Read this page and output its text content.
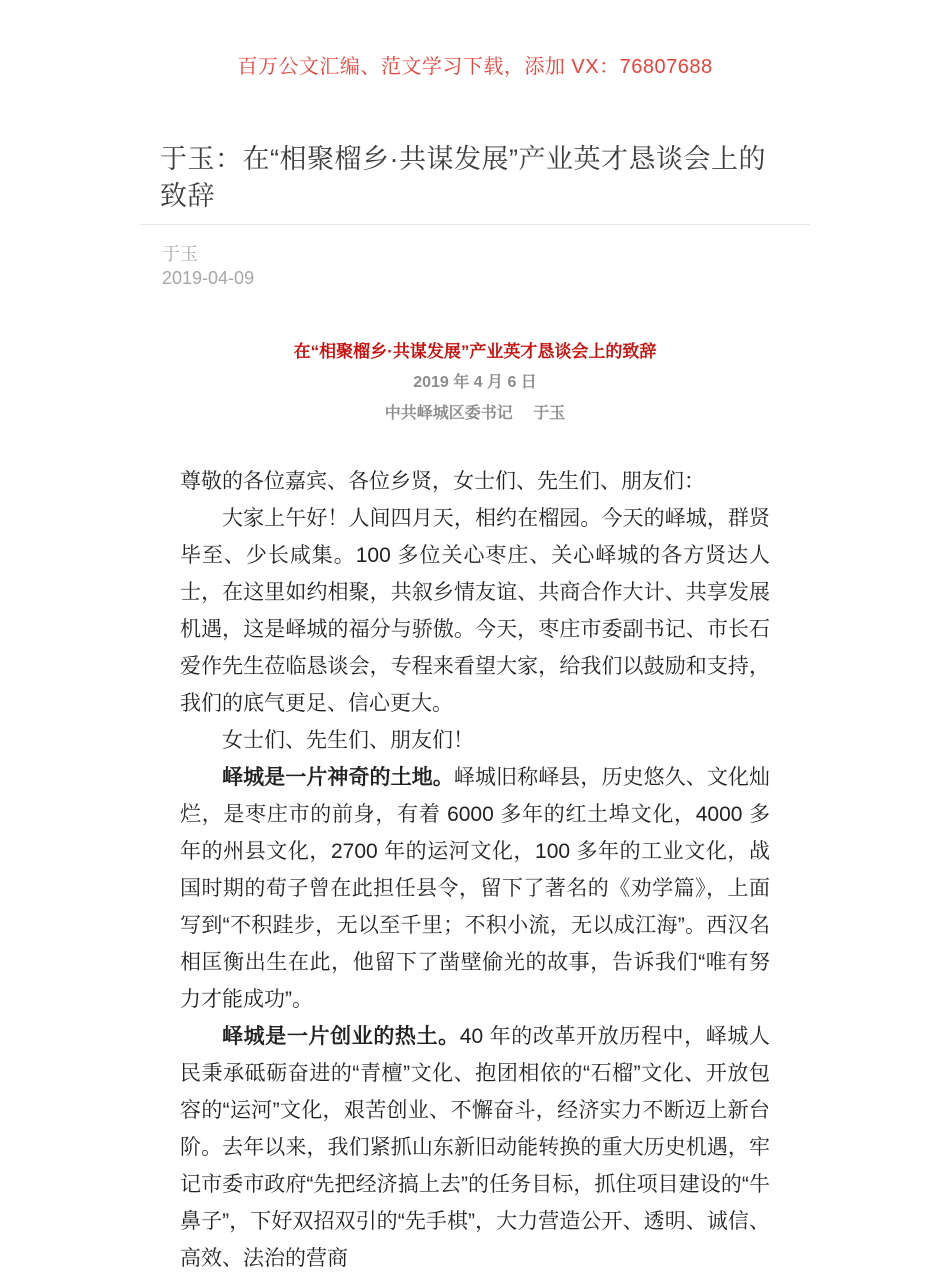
百万公文汇编、范文学习下载，添加 VX：76807688
于玉：在“相聚榴乡·共谋发展”产业英才恳谈会上的致辞
于玉
2019-04-09
在“相聚榴乡·共谋发展”产业英才恳谈会上的致辞
2019 年 4 月 6 日
中共峄城区委书记　 于玉

尊敬的各位嘉宾、各位乡贤，女士们、先生们、朋友们：

大家上午好！人间四月天，相约在榴园。今天的峄城，群贤毕至、少长咸集。100 多位关心枣庄、关心峄城的各方贤达人士，在这里如约相聚，共叙乡情友谊、共商合作大计、共享发展机遇，这是峄城的福分与骄傲。今天，枣庄市委副书记、市长石爱作先生莅临恳谈会，专程来看望大家，给我们以鼓励和支持，我们的底气更足、信心更大。

女士们、先生们、朋友们！

峄城是一片神奇的土地。峄城旧称峄县，历史悠久、文化灿烂，是枣庄市的前身，有着 6000 多年的红土埠文化，4000 多年的州县文化，2700 年的运河文化，100 多年的工业文化，战国时期的荀子曾在此担任县令，留下了著名的《劝学篇》，上面写到“不积跬步，无以至千里；不积小流，无以成江海”。西汉名相匡衡出生在此，他留下了凿壁偷光的故事，告诉我们“唯有努力才能成功”。

峄城是一片创业的热土。40 年的改革开放历程中，峄城人民秉承砥砺奋进的“青檀”文化、抱团相依的“石榴”文化、开放包容的“运河”文化，艰苦创业、不懈奋斗，经济实力不断迈上新台阶。去年以来，我们紧抓山东新旧动能转换的重大历史机遇，牢记市委市政府“先把经济搞上去”的任务目标，抓住项目建设的“牛鼻子”，下好双招双引的“先手棋”，大力营造公开、透明、诚信、高效、法治的营商
